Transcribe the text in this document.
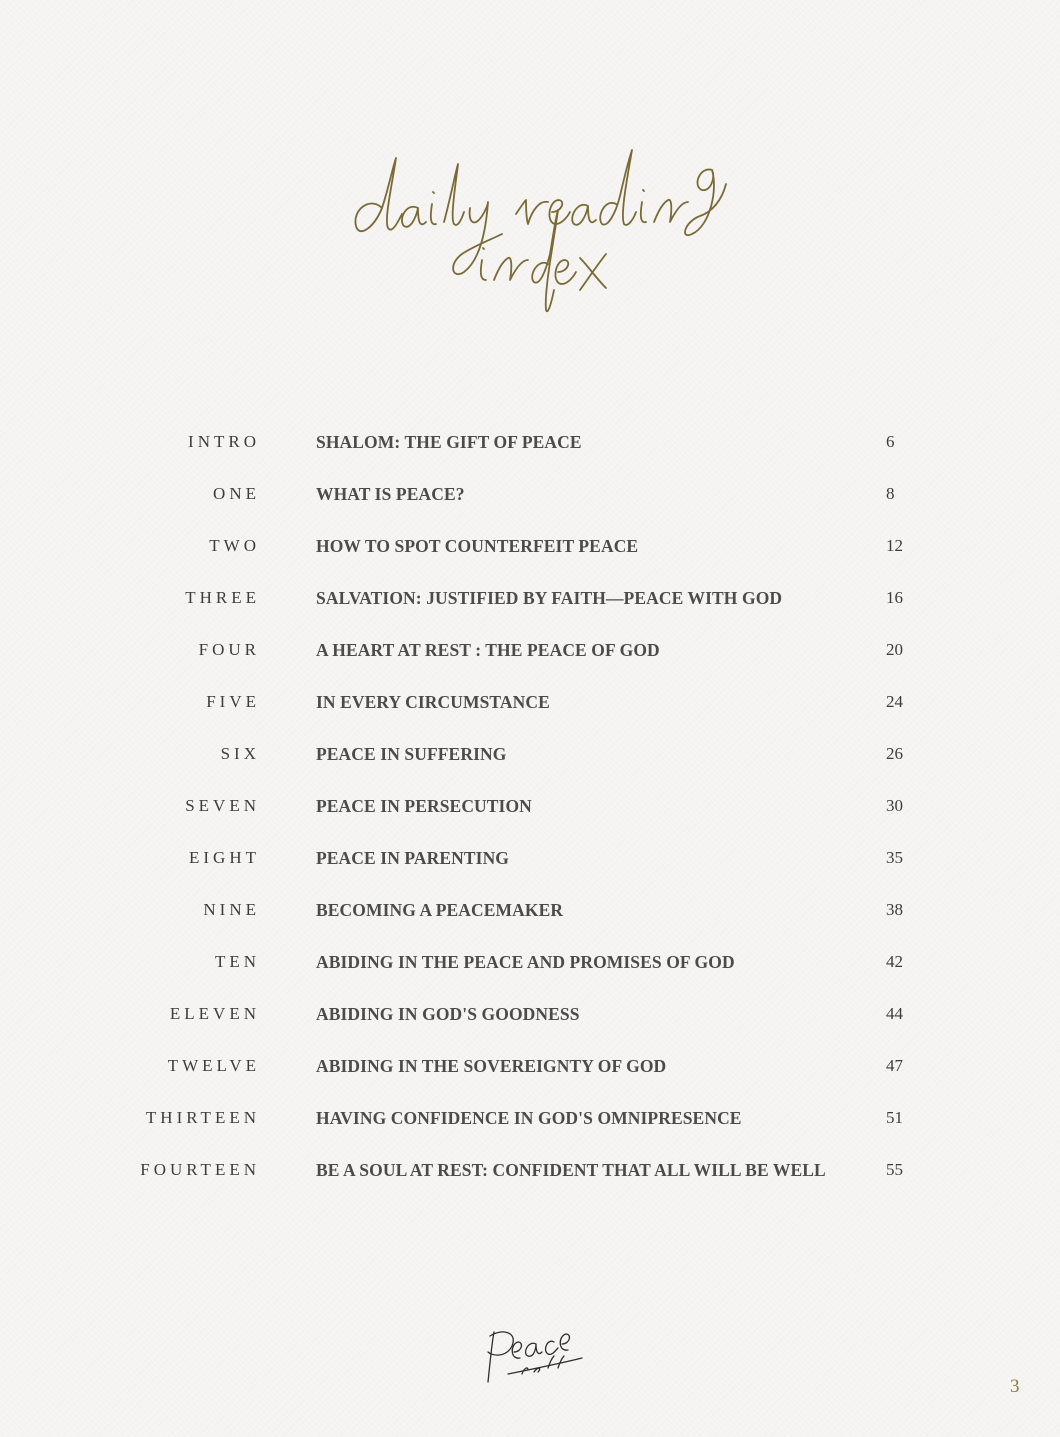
INTRO	SHALOM: THE GIFT OF PEACE	6
ONE	WHAT IS PEACE?	8
TWO	HOW TO SPOT COUNTERFEIT PEACE	12
THREE	SALVATION: JUSTIFIED BY FAITH—PEACE WITH GOD	16
FOUR	A HEART AT REST : THE PEACE OF GOD	20
FIVE	IN EVERY CIRCUMSTANCE	24
SIX	PEACE IN SUFFERING	26
SEVEN	PEACE IN PERSECUTION	30
EIGHT	PEACE IN PARENTING	35
NINE	BECOMING A PEACEMAKER	38
TEN	ABIDING IN THE PEACE AND PROMISES OF GOD	42
ELEVEN	ABIDING IN GOD'S GOODNESS	44
TWELVE	ABIDING IN THE SOVEREIGNTY OF GOD	47
THIRTEEN	HAVING CONFIDENCE IN GOD'S OMNIPRESENCE	51
FOURTEEN	BE A SOUL AT REST: CONFIDENT THAT ALL WILL BE WELL	55
3
